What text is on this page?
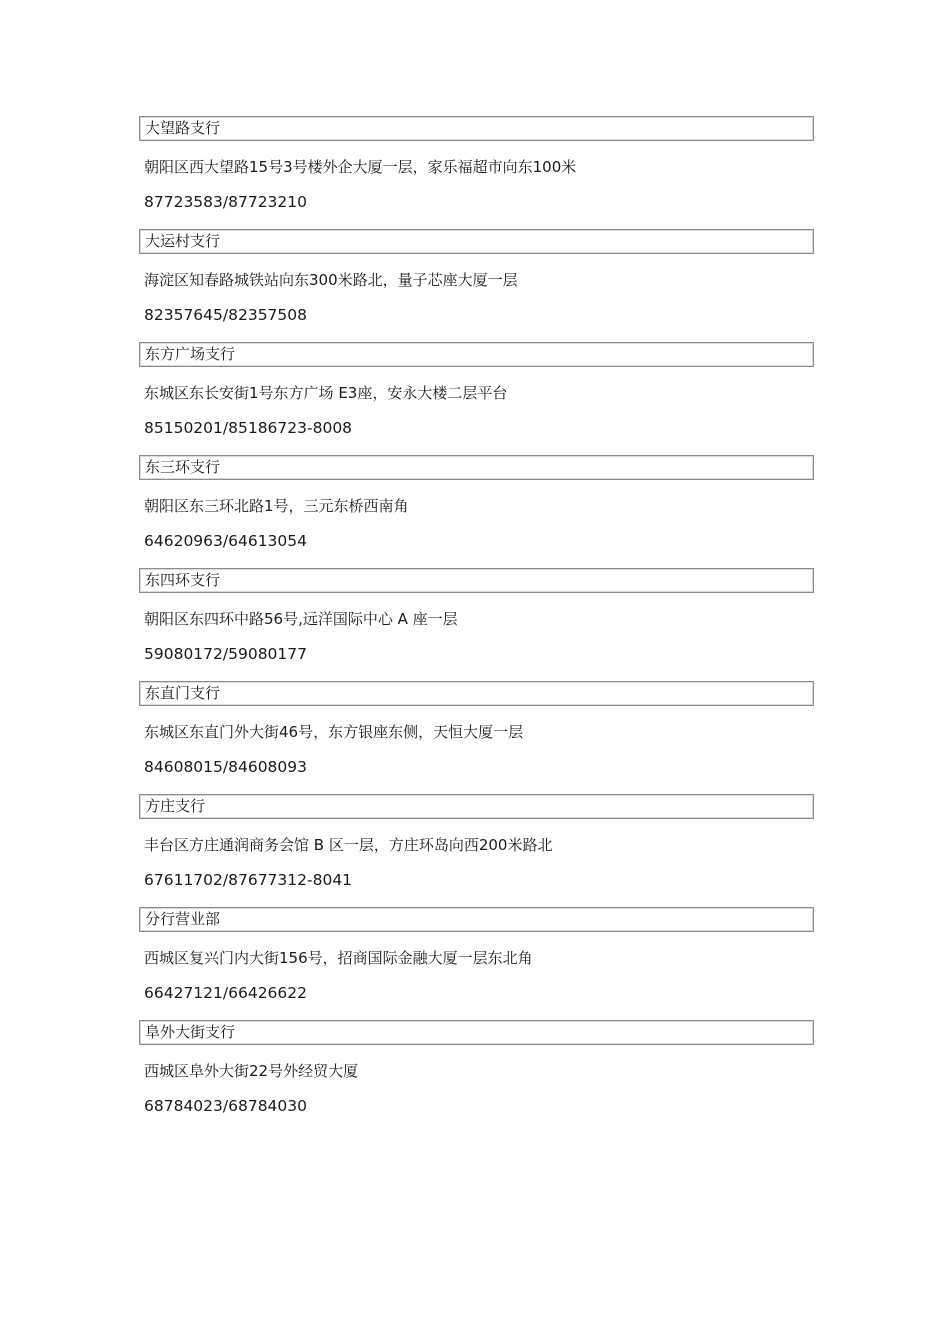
大望路支行
朝阳区西大望路15号3号楼外企大厦一层，家乐福超市向东100米
87723583/87723210
大运村支行
海淀区知春路城铁站向东300米路北，量子芯座大厦一层
82357645/82357508
东方广场支行
东城区东长安街1号东方广场 E3座，安永大楼二层平台
85150201/85186723-8008
东三环支行
朝阳区东三环北路1号，三元东桥西南角
64620963/64613054
东四环支行
朝阳区东四环中路56号,远洋国际中心 A 座一层
59080172/59080177
东直门支行
东城区东直门外大街46号，东方银座东侧，天恒大厦一层
84608015/84608093
方庄支行
丰台区方庄通润商务会馆 B 区一层，方庄环岛向西200米路北
67611702/87677312-8041
分行营业部
西城区复兴门内大街156号，招商国际金融大厦一层东北角
66427121/66426622
阜外大街支行
西城区阜外大街22号外经贸大厦
68784023/68784030
